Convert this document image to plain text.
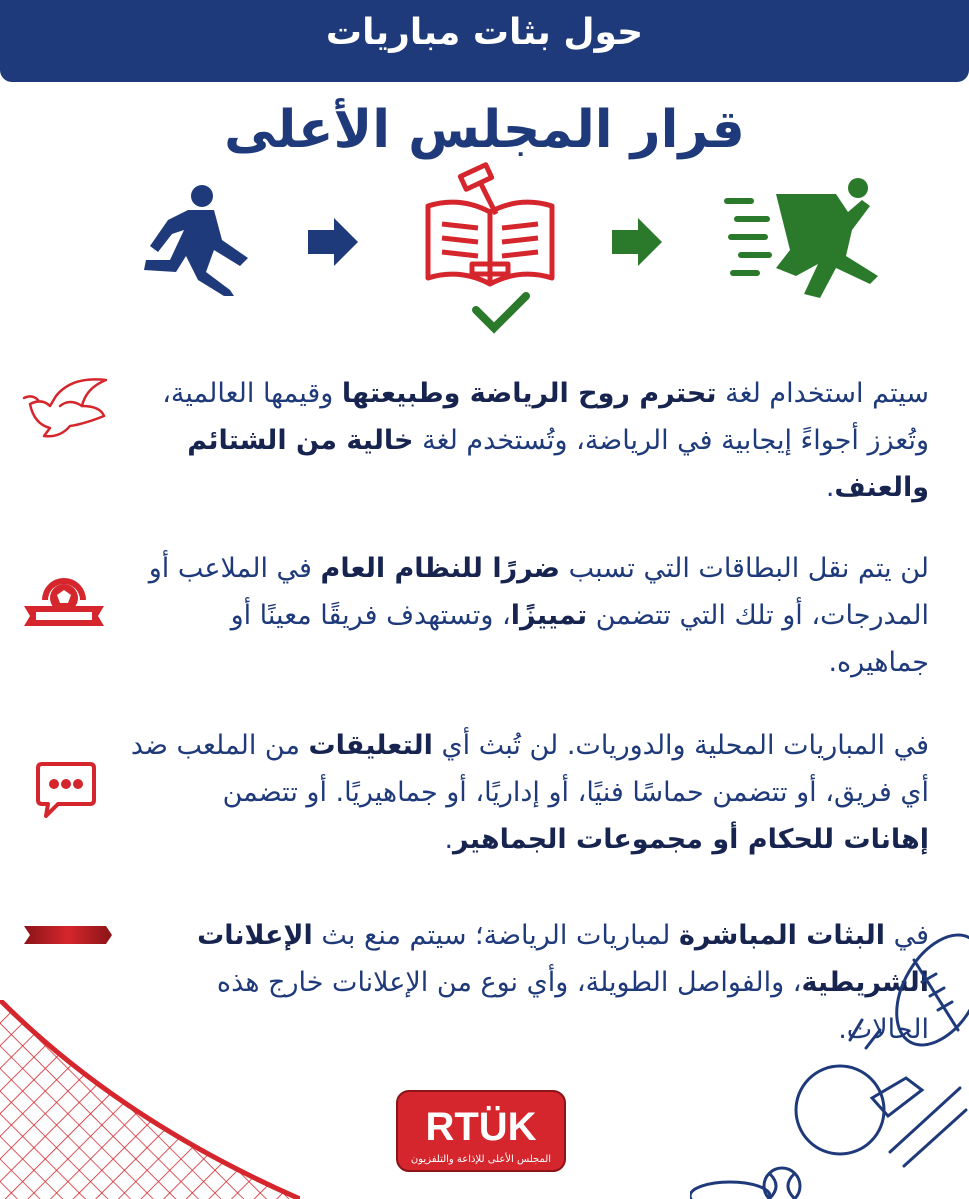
حول بثات مباريات
قرار المجلس الأعلى
سيتم استخدام لغة تحترم روح الرياضة وطبيعتها وقيمها العالمية، وتُعزز أجواءً إيجابية في الرياضة، وتُستخدم لغة خالية من الشتائم والعنف.
لن يتم نقل البطاقات التي تسبب ضررًا للنظام العام في الملاعب أو المدرجات، أو تلك التي تتضمن تمييزًا، وتستهدف فريقًا معينًا أو جماهيره.
في المباريات المحلية والدوريات. لن تُبث أي التعليقات من الملعب ضد أي فريق، أو تتضمن حماسًا فنيًا، أو إداريًا، أو جماهيريًا. أو تتضمن إهانات للحكام أو مجموعات الجماهير.
في البثات المباشرة لمباريات الرياضة؛ سيتم منع بث الإعلانات الشريطية، والفواصل الطويلة، وأي نوع من الإعلانات خارج هذه الحالات.
RTÜK
المجلس الأعلى للإذاعة والتلفزيون
